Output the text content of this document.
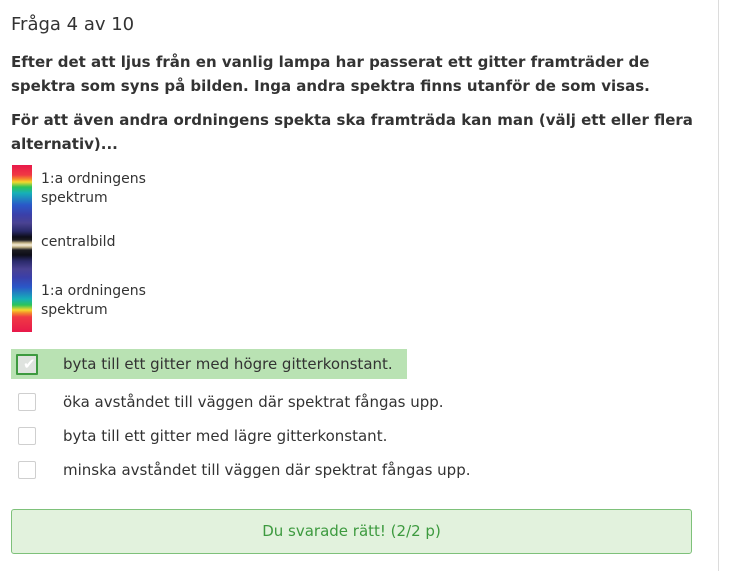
Fråga 4 av 10
Efter det att ljus från en vanlig lampa har passerat ett gitter framträder de spektra som syns på bilden. Inga andra spektra finns utanför de som visas.
För att även andra ordningens spekta ska framträda kan man (välj ett eller flera alternativ)...
1:a ordningens spektrum
centralbild
1:a ordningens spektrum
✔ byta till ett gitter med högre gitterkonstant.
öka avståndet till väggen där spektrat fångas upp.
byta till ett gitter med lägre gitterkonstant.
minska avståndet till väggen där spektrat fångas upp.
Du svarade rätt! (2/2 p)
